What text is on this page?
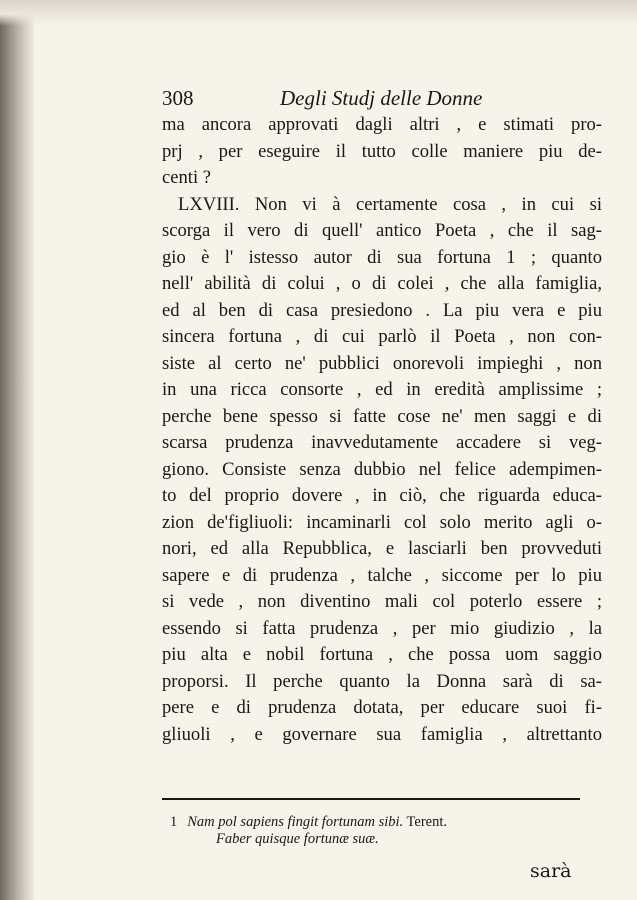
308	Degli Studj delle Donne
ma ancora approvati dagli altri , e stimati pro-
prj , per eseguire il tutto colle maniere piu de-
centi ?
LXVIII. Non vi à certamente cosa , in cui si
scorga il vero di quell' antico Poeta , che il sag-
gio è l' istesso autor di sua fortuna 1 ; quanto
nell' abilità di colui , o di colei , che alla famiglia,
ed al ben di casa presiedono . La piu vera e piu
sincera fortuna , di cui parlò il Poeta , non con-
siste al certo ne' pubblici onorevoli impieghi , non
in una ricca consorte , ed in eredità amplissime ;
perche bene spesso si fatte cose ne' men saggi e di
scarsa prudenza inavvedutamente accadere si veg-
giono. Consiste senza dubbio nel felice adempimen-
to del proprio dovere , in ciò, che riguarda educa-
zion de'figliuoli: incaminarli col solo merito agli o-
nori, ed alla Repubblica, e lasciarli ben provveduti
sapere e di prudenza , talche , siccome per lo piu
si vede , non diventino mali col poterlo essere ;
essendo si fatta prudenza , per mio giudizio , la
piu alta e nobil fortuna , che possa uom saggio
proporsi. Il perche quanto la Donna sarà di sa-
pere e di prudenza dotata, per educare suoi fi-
gliuoli , e governare sua famiglia , altrettanto
1 Nam pol sapiens fingit fortunam sibi. Terent.
Faber quisque fortunæ suæ.
sarà
